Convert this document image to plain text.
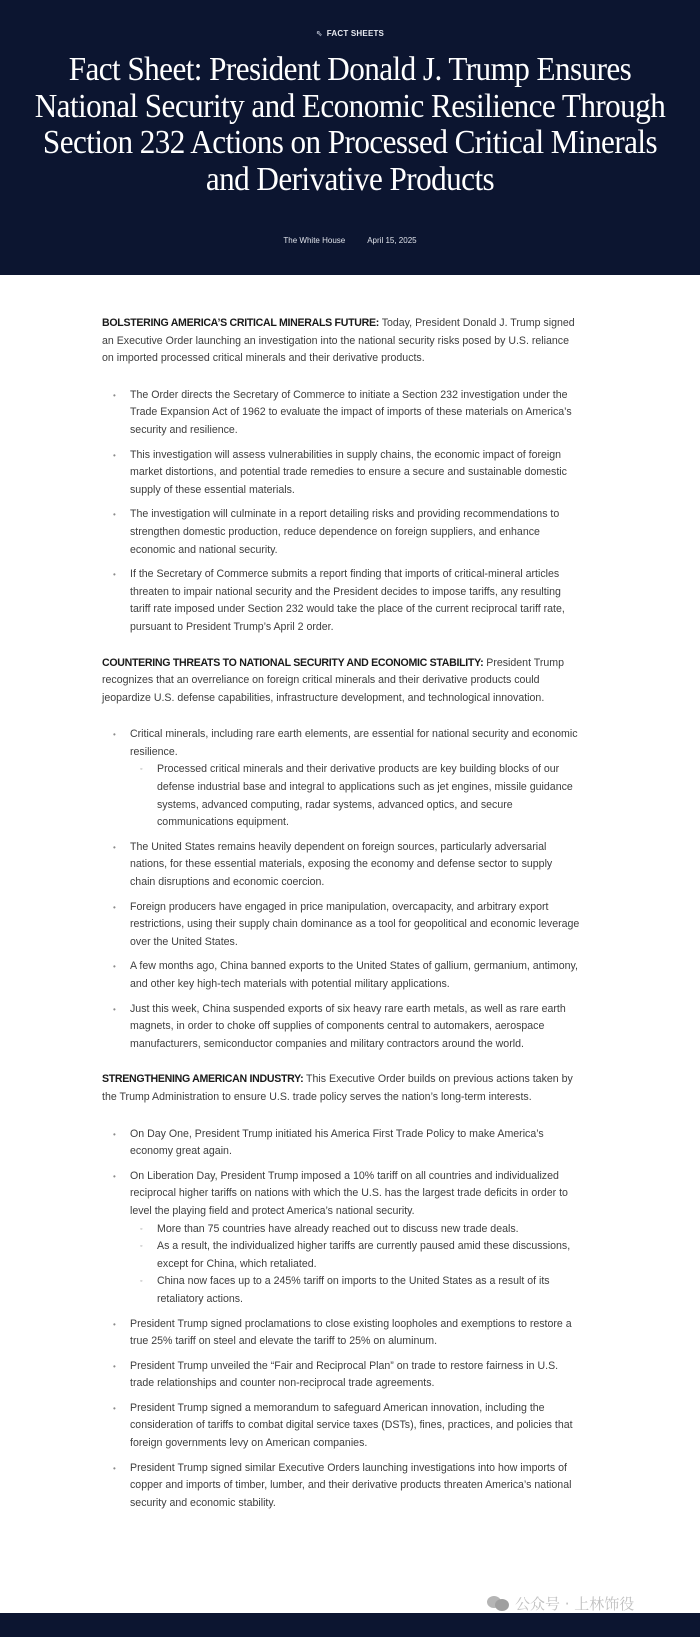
⇖ FACT SHEETS
Fact Sheet: President Donald J. Trump Ensures National Security and Economic Resilience Through Section 232 Actions on Processed Critical Minerals and Derivative Products
The White House	April 15, 2025

BOLSTERING AMERICA’S CRITICAL MINERALS FUTURE: Today, President Donald J. Trump signed an Executive Order launching an investigation into the national security risks posed by U.S. reliance on imported processed critical minerals and their derivative products.

• The Order directs the Secretary of Commerce to initiate a Section 232 investigation under the Trade Expansion Act of 1962 to evaluate the impact of imports of these materials on America’s security and resilience.
• This investigation will assess vulnerabilities in supply chains, the economic impact of foreign market distortions, and potential trade remedies to ensure a secure and sustainable domestic supply of these essential materials.
• The investigation will culminate in a report detailing risks and providing recommendations to strengthen domestic production, reduce dependence on foreign suppliers, and enhance economic and national security.
• If the Secretary of Commerce submits a report finding that imports of critical-mineral articles threaten to impair national security and the President decides to impose tariffs, any resulting tariff rate imposed under Section 232 would take the place of the current reciprocal tariff rate, pursuant to President Trump’s April 2 order.

COUNTERING THREATS TO NATIONAL SECURITY AND ECONOMIC STABILITY: President Trump recognizes that an overreliance on foreign critical minerals and their derivative products could jeopardize U.S. defense capabilities, infrastructure development, and technological innovation.

• Critical minerals, including rare earth elements, are essential for national security and economic resilience.
◦ Processed critical minerals and their derivative products are key building blocks of our defense industrial base and integral to applications such as jet engines, missile guidance systems, advanced computing, radar systems, advanced optics, and secure communications equipment.
• The United States remains heavily dependent on foreign sources, particularly adversarial nations, for these essential materials, exposing the economy and defense sector to supply chain disruptions and economic coercion.
• Foreign producers have engaged in price manipulation, overcapacity, and arbitrary export restrictions, using their supply chain dominance as a tool for geopolitical and economic leverage over the United States.
• A few months ago, China banned exports to the United States of gallium, germanium, antimony, and other key high-tech materials with potential military applications.
• Just this week, China suspended exports of six heavy rare earth metals, as well as rare earth magnets, in order to choke off supplies of components central to automakers, aerospace manufacturers, semiconductor companies and military contractors around the world.

STRENGTHENING AMERICAN INDUSTRY: This Executive Order builds on previous actions taken by the Trump Administration to ensure U.S. trade policy serves the nation’s long-term interests.

• On Day One, President Trump initiated his America First Trade Policy to make America’s economy great again.
• On Liberation Day, President Trump imposed a 10% tariff on all countries and individualized reciprocal higher tariffs on nations with which the U.S. has the largest trade deficits in order to level the playing field and protect America’s national security.
◦ More than 75 countries have already reached out to discuss new trade deals.
◦ As a result, the individualized higher tariffs are currently paused amid these discussions, except for China, which retaliated.
◦ China now faces up to a 245% tariff on imports to the United States as a result of its retaliatory actions.
• President Trump signed proclamations to close existing loopholes and exemptions to restore a true 25% tariff on steel and elevate the tariff to 25% on aluminum.
• President Trump unveiled the “Fair and Reciprocal Plan” on trade to restore fairness in U.S. trade relationships and counter non-reciprocal trade agreements.
• President Trump signed a memorandum to safeguard American innovation, including the consideration of tariffs to combat digital service taxes (DSTs), fines, practices, and policies that foreign governments levy on American companies.
• President Trump signed similar Executive Orders launching investigations into how imports of copper and imports of timber, lumber, and their derivative products threaten America’s national security and economic stability.
公众号 · 上林饰役
